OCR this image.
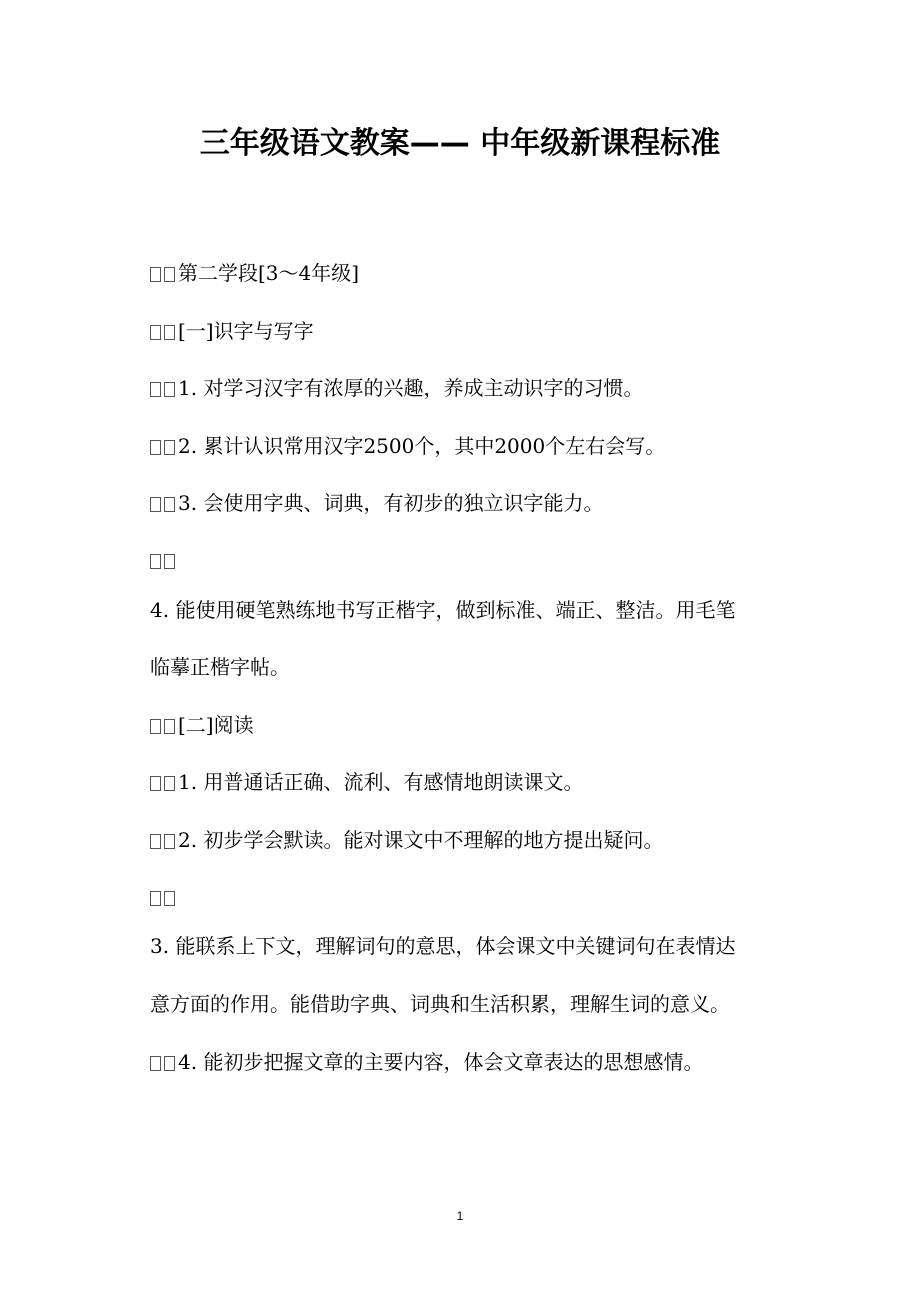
三年级语文教案—— 中年级新课程标准
第二学段[3～4年级]
[一]识字与写字
1. 对学习汉字有浓厚的兴趣，养成主动识字的习惯。
2. 累计认识常用汉字2500个，其中2000个左右会写。
3. 会使用字典、词典，有初步的独立识字能力。
4. 能使用硬笔熟练地书写正楷字，做到标准、端正、整洁。用毛笔
临摹正楷字帖。
[二]阅读
1. 用普通话正确、流利、有感情地朗读课文。
2. 初步学会默读。能对课文中不理解的地方提出疑问。
3. 能联系上下文，理解词句的意思，体会课文中关键词句在表情达
意方面的作用。能借助字典、词典和生活积累，理解生词的意义。
4. 能初步把握文章的主要内容，体会文章表达的思想感情。
1
